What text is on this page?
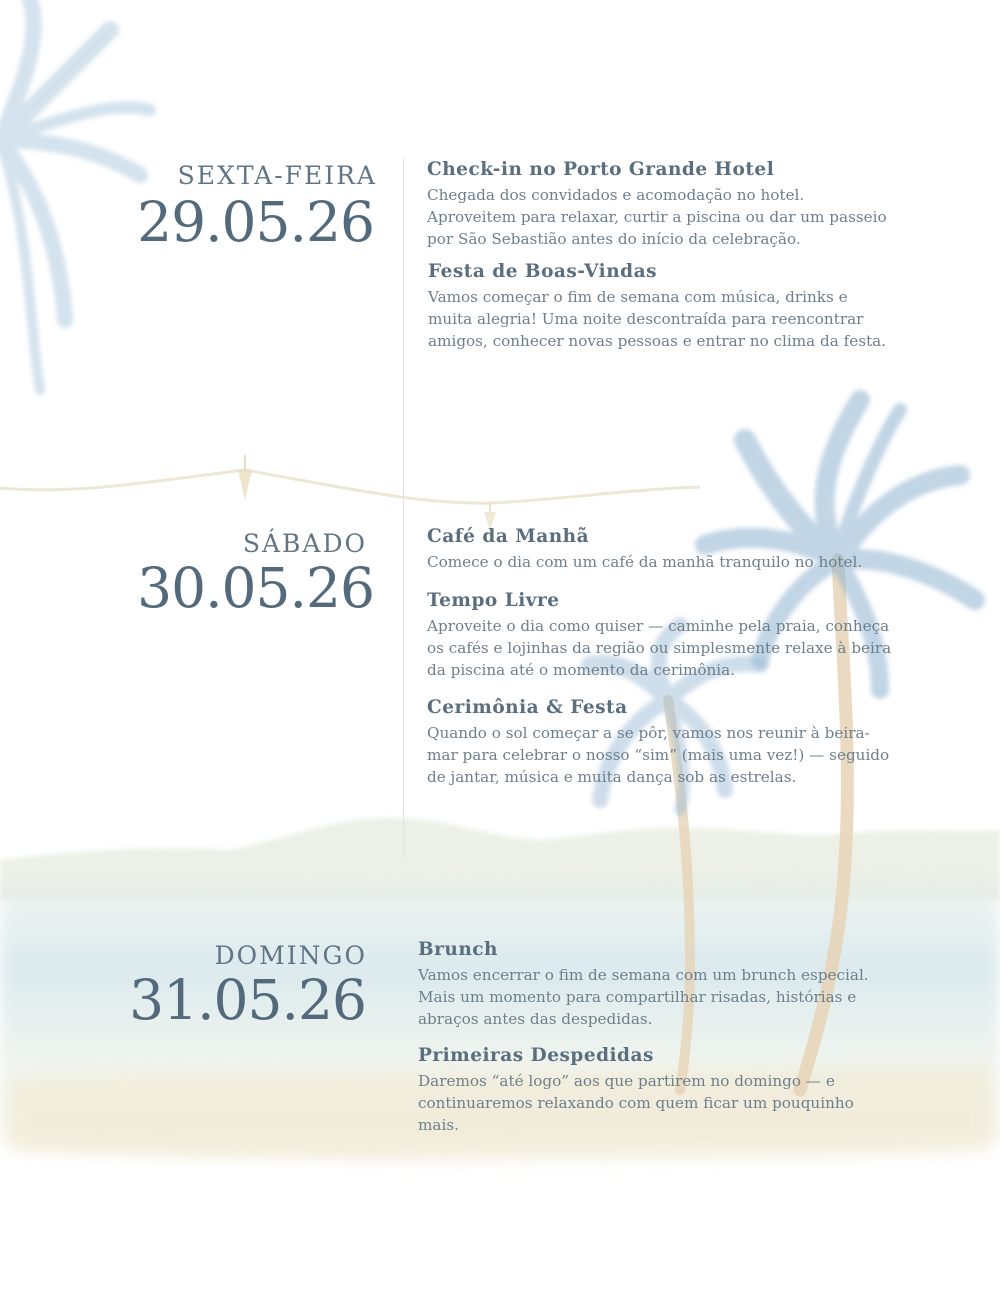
SEXTA-FEIRA
29.05.26
Check-in no Porto Grande Hotel

Chegada dos convidados e acomodação no hotel.
Aproveitem para relaxar, curtir a piscina ou dar um passeio
por São Sebastião antes do início da celebração.

Festa de Boas-Vindas

Vamos começar o fim de semana com música, drinks e
muita alegria! Uma noite descontraída para reencontrar
amigos, conhecer novas pessoas e entrar no clima da festa.

SÁBADO
30.05.26
Café da Manhã

Comece o dia com um café da manhã tranquilo no hotel.

Tempo Livre

Aproveite o dia como quiser — caminhe pela praia, conheça
os cafés e lojinhas da região ou simplesmente relaxe à beira
da piscina até o momento da cerimônia.

Cerimônia & Festa

Quando o sol começar a se pôr, vamos nos reunir à beira-
mar para celebrar o nosso “sim” (mais uma vez!) — seguido
de jantar, música e muita dança sob as estrelas.

DOMINGO
31.05.26
Brunch

Vamos encerrar o fim de semana com um brunch especial.
Mais um momento para compartilhar risadas, histórias e
abraços antes das despedidas.

Primeiras Despedidas

Daremos “até logo” aos que partirem no domingo — e
continuaremos relaxando com quem ficar um pouquinho
mais.
